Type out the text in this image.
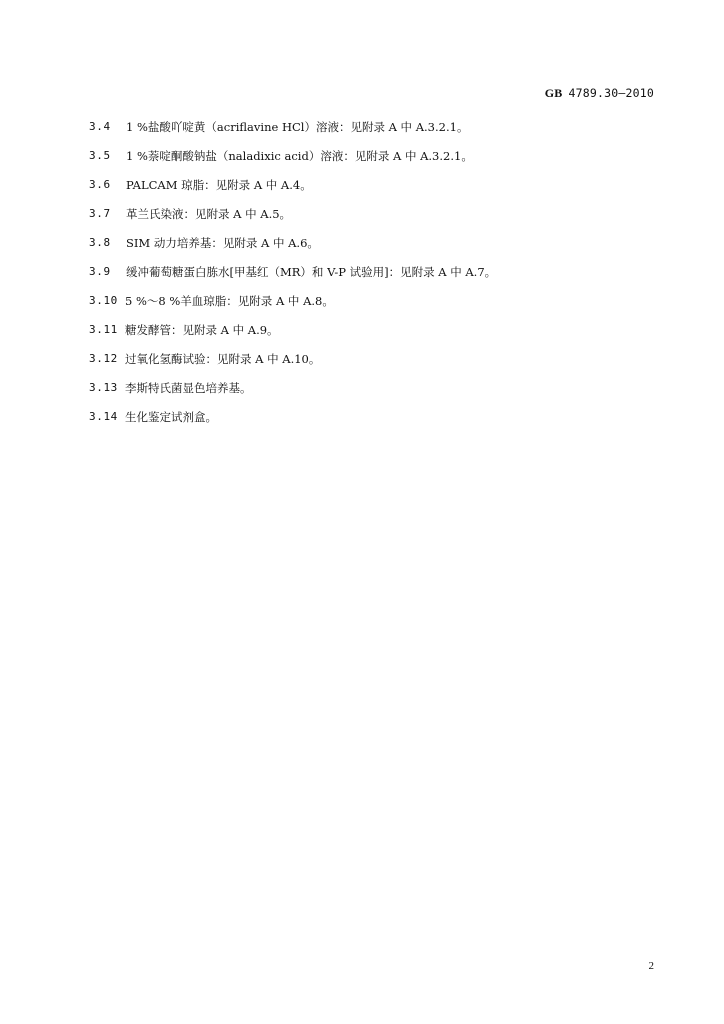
GB 4789.30—2010
3.4	1 %盐酸吖啶黄（acriflavine HCl）溶液：见附录 A 中 A.3.2.1。
3.5	1 %萘啶酮酸钠盐（naladixic acid）溶液：见附录 A 中 A.3.2.1。
3.6	PALCAM 琼脂：见附录 A 中 A.4。
3.7	革兰氏染液：见附录 A 中 A.5。
3.8	SIM 动力培养基：见附录 A 中 A.6。
3.9	缓冲葡萄糖蛋白胨水[甲基红（MR）和 V-P 试验用]：见附录 A 中 A.7。
3.10 5 %～8 %羊血琼脂：见附录 A 中 A.8。
3.11 糖发酵管：见附录 A 中 A.9。
3.12 过氧化氢酶试验：见附录 A 中 A.10。
3.13 李斯特氏菌显色培养基。
3.14 生化鉴定试剂盒。
2
